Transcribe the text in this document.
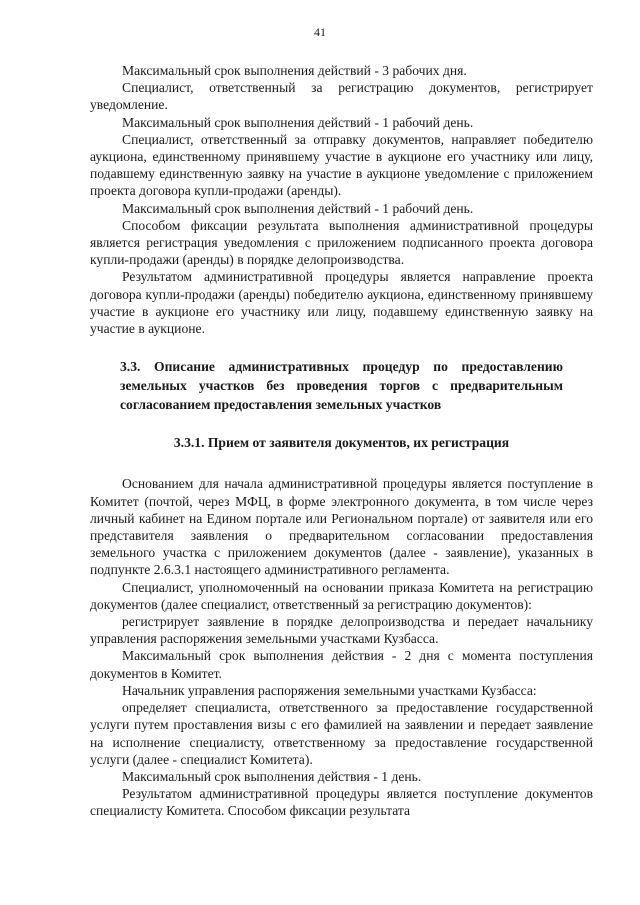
41

Максимальный срок выполнения действий - 3 рабочих дня.

Специалист, ответственный за регистрацию документов, регистрирует уведомление.

Максимальный срок выполнения действий - 1 рабочий день.

Специалист, ответственный за отправку документов, направляет победителю аукциона, единственному принявшему участие в аукционе его участнику или лицу, подавшему единственную заявку на участие в аукционе уведомление с приложением проекта договора купли-продажи (аренды).

Максимальный срок выполнения действий - 1 рабочий день.

Способом фиксации результата выполнения административной процедуры является регистрация уведомления с приложением подписанного проекта договора купли-продажи (аренды) в порядке делопроизводства.

Результатом административной процедуры является направление проекта договора купли-продажи (аренды) победителю аукциона, единственному принявшему участие в аукционе его участнику или лицу, подавшему единственную заявку на участие в аукционе.

3.3. Описание административных процедур по предоставлению земельных участков без проведения торгов с предварительным согласованием предоставления земельных участков

3.3.1. Прием от заявителя документов, их регистрация

Основанием для начала административной процедуры является поступление в Комитет (почтой, через МФЦ, в форме электронного документа, в том числе через личный кабинет на Едином портале или Региональном портале) от заявителя или его представителя заявления о предварительном согласовании предоставления земельного участка с приложением документов (далее - заявление), указанных в подпункте 2.6.3.1 настоящего административного регламента.

Специалист, уполномоченный на основании приказа Комитета на регистрацию документов (далее специалист, ответственный за регистрацию документов):

регистрирует заявление в порядке делопроизводства и передает начальнику управления распоряжения земельными участками Кузбасса.

Максимальный срок выполнения действия - 2 дня с момента поступления документов в Комитет.

Начальник управления распоряжения земельными участками Кузбасса:

определяет специалиста, ответственного за предоставление государственной услуги путем проставления визы с его фамилией на заявлении и передает заявление на исполнение специалисту, ответственному за предоставление государственной услуги (далее - специалист Комитета).

Максимальный срок выполнения действия - 1 день.

Результатом административной процедуры является поступление документов специалисту Комитета. Способом фиксации результата
